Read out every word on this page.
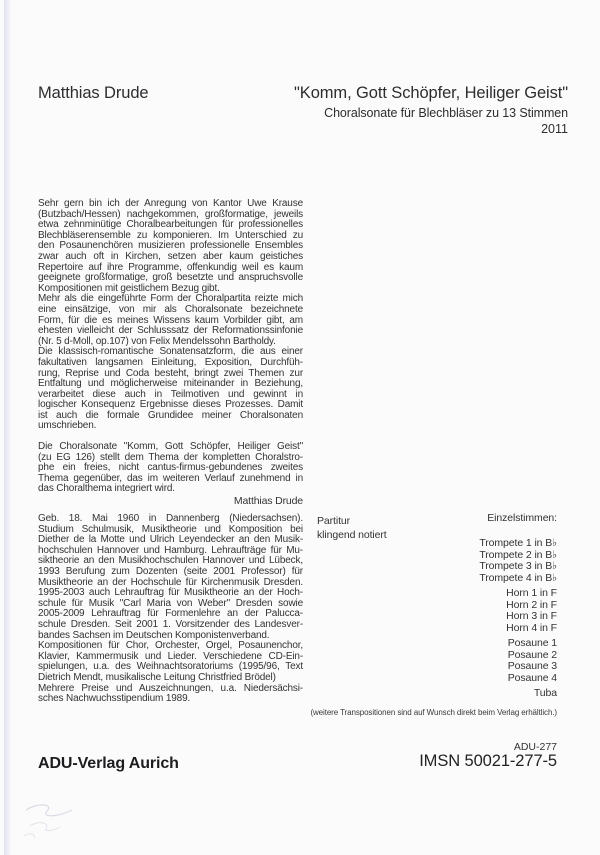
Matthias Drude	"Komm, Gott Schöpfer, Heiliger Geist"
Choralsonate für Blechbläser zu 13 Stimmen
2011
Sehr gern bin ich der Anregung von Kantor Uwe Krause
(Butzbach/Hessen) nachgekommen, großformatige, jeweils
etwa zehnminütige Choralbearbeitungen für professionelles
Blechbläserensemble zu komponieren. Im Unterschied zu
den Posaunenchören musizieren professionelle Ensembles
zwar auch oft in Kirchen, setzen aber kaum geistiches
Repertoire auf ihre Programme, offenkundig weil es kaum
geeignete großformatige, groß besetzte und anspruchsvolle
Kompositionen mit geistlichem Bezug gibt.
Mehr als die eingeführte Form der Choralpartita reizte mich
eine einsätzige, von mir als Choralsonate bezeichnete
Form, für die es meines Wissens kaum Vorbilder gibt, am
ehesten vielleicht der Schlusssatz der Reformationssinfonie
(Nr. 5 d-Moll, op.107) von Felix Mendelssohn Bartholdy.
Die klassisch-romantische Sonatensatzform, die aus einer
fakultativen langsamen Einleitung, Exposition, Durchfüh-
rung, Reprise und Coda besteht, bringt zwei Themen zur
Entfaltung und möglicherweise miteinander in Beziehung,
verarbeitet diese auch in Teilmotiven und gewinnt in
logischer Konsequenz Ergebnisse dieses Prozesses. Damit
ist auch die formale Grundidee meiner Choralsonaten
umschrieben.
Die Choralsonate "Komm, Gott Schöpfer, Heiliger Geist"
(zu EG 126) stellt dem Thema der kompletten Choralstro-
phe ein freies, nicht cantus-firmus-gebundenes zweites
Thema gegenüber, das im weiteren Verlauf zunehmend in
das Choralthema integriert wird.
Matthias Drude
Geb. 18. Mai 1960 in Dannenberg (Niedersachsen).
Studium Schulmusik, Musiktheorie und Komposition bei
Diether de la Motte und Ulrich Leyendecker an den Musik-
hochschulen Hannover und Hamburg. Lehraufträge für Mu-
siktheorie an den Musikhochschulen Hannover und Lübeck,
1993 Berufung zum Dozenten (seite 2001 Professor) für
Musiktheorie an der Hochschule für Kirchenmusik Dresden.
1995-2003 auch Lehrauftrag für Musiktheorie an der Hoch-
schule für Musik "Carl Maria von Weber" Dresden sowie
2005-2009 Lehrauftrag für Formenlehre an der Palucca-
schule Dresden. Seit 2001 1. Vorsitzender des Landesver-
bandes Sachsen im Deutschen Komponistenverband.
Kompositionen für Chor, Orchester, Orgel, Posaunenchor,
Klavier, Kammermusik und Lieder. Verschiedene CD-Ein-
spielungen, u.a. des Weihnachtsoratoriums (1995/96, Text
Dietrich Mendt, musikalische Leitung Christfried Brödel)
Mehrere Preise und Auszeichnungen, u.a. Niedersächsi-
sches Nachwuchsstipendium 1989.
Partitur
klingend notiert
Einzelstimmen:
Trompete 1 in B♭
Trompete 2 in B♭
Trompete 3 in B♭
Trompete 4 in B♭
Horn 1 in F
Horn 2 in F
Horn 3 in F
Horn 4 in F
Posaune 1
Posaune 2
Posaune 3
Posaune 4
Tuba
(weitere Transpositionen sind auf Wunsch direkt beim Verlag erhältlich.)
ADU-277
IMSN 50021-277-5
ADU-Verlag Aurich
